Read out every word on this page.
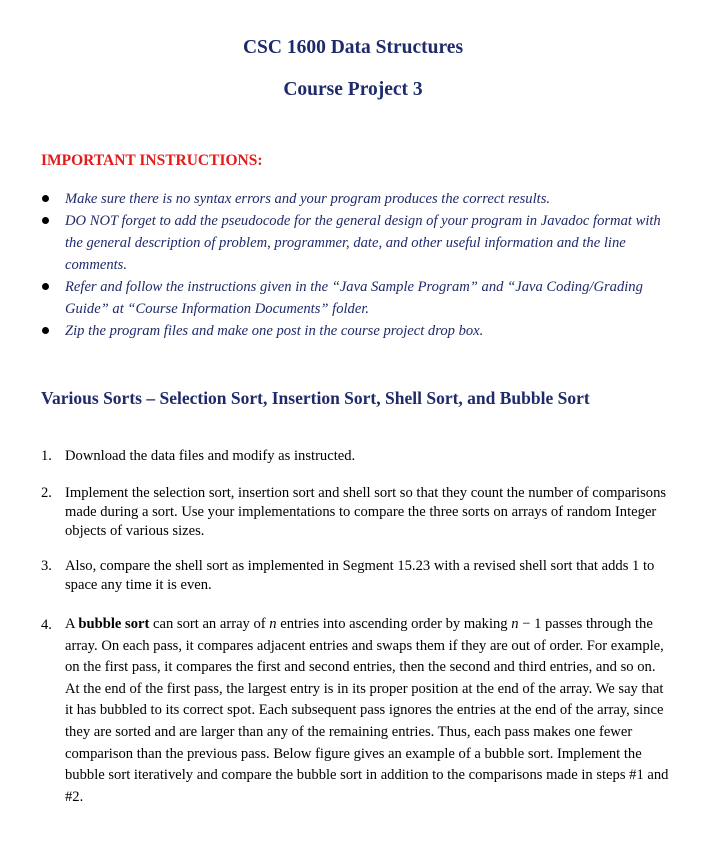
CSC 1600 Data Structures
Course Project 3
IMPORTANT INSTRUCTIONS:
Make sure there is no syntax errors and your program produces the correct results.
DO NOT forget to add the pseudocode for the general design of your program in Javadoc format with the general description of problem, programmer, date, and other useful information and the line comments.
Refer and follow the instructions given in the “Java Sample Program” and “Java Coding/Grading Guide” at “Course Information Documents” folder.
Zip the program files and make one post in the course project drop box.
Various Sorts – Selection Sort, Insertion Sort, Shell Sort, and Bubble Sort
1. Download the data files and modify as instructed.
2. Implement the selection sort, insertion sort and shell sort so that they count the number of comparisons made during a sort. Use your implementations to compare the three sorts on arrays of random Integer objects of various sizes.
3. Also, compare the shell sort as implemented in Segment 15.23 with a revised shell sort that adds 1 to space any time it is even.
4. A bubble sort can sort an array of n entries into ascending order by making n − 1 passes through the array. On each pass, it compares adjacent entries and swaps them if they are out of order. For example, on the first pass, it compares the first and second entries, then the second and third entries, and so on. At the end of the first pass, the largest entry is in its proper position at the end of the array. We say that it has bubbled to its correct spot. Each subsequent pass ignores the entries at the end of the array, since they are sorted and are larger than any of the remaining entries. Thus, each pass makes one fewer comparison than the previous pass. Below figure gives an example of a bubble sort. Implement the bubble sort iteratively and compare the bubble sort in addition to the comparisons made in steps #1 and #2.
